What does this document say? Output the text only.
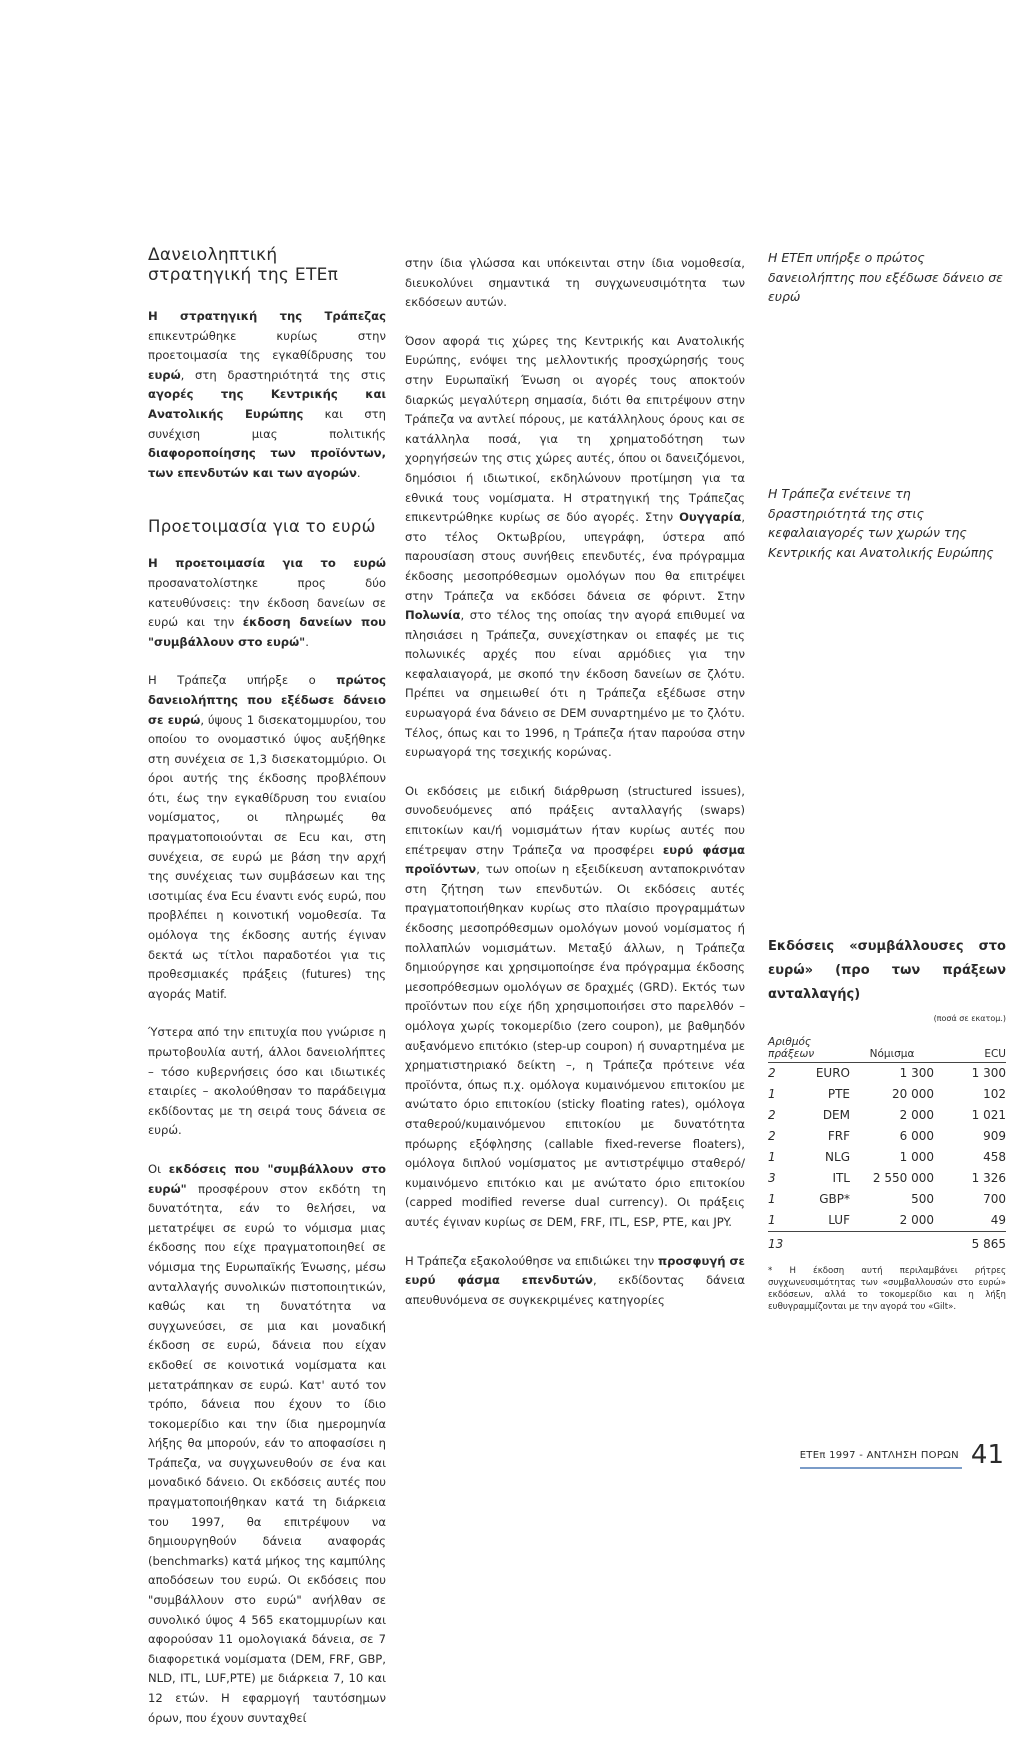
Δανειοληπτική στρατηγική της ΕΤΕπ

Η στρατηγική της Τράπεζας επικεντρώθηκε κυρίως στην προετοιμασία της εγκαθίδρυσης του ευρώ, στη δραστηριότητά της στις αγορές της Κεντρικής και Ανατολικής Ευρώπης και στη συνέχιση μιας πολιτικής διαφοροποίησης των προϊόντων, των επενδυτών και των αγορών.

Προετοιμασία για το ευρώ

Η προετοιμασία για το ευρώ προσανατολίστηκε προς δύο κατευθύνσεις: την έκδοση δανείων σε ευρώ και την έκδοση δανείων που "συμβάλλουν στο ευρώ".

Η Τράπεζα υπήρξε ο πρώτος δανειολήπτης που εξέδωσε δάνειο σε ευρώ, ύψους 1 δισεκατομμυρίου, του οποίου το ονομαστικό ύψος αυξήθηκε στη συνέχεια σε 1,3 δισεκατομμύριο. Οι όροι αυτής της έκδοσης προβλέπουν ότι, έως την εγκαθίδρυση του ενιαίου νομίσματος, οι πληρωμές θα πραγματοποιούνται σε Ecu και, στη συνέχεια, σε ευρώ με βάση την αρχή της συνέχειας των συμβάσεων και της ισοτιμίας ένα Ecu έναντι ενός ευρώ, που προβλέπει η κοινοτική νομοθεσία. Τα ομόλογα της έκδοσης αυτής έγιναν δεκτά ως τίτλοι παραδοτέοι για τις προθεσμιακές πράξεις (futures) της αγοράς Matif.

Ύστερα από την επιτυχία που γνώρισε η πρωτοβουλία αυτή, άλλοι δανειολήπτες – τόσο κυβερνήσεις όσο και ιδιωτικές εταιρίες – ακολούθησαν το παράδειγμα εκδίδοντας με τη σειρά τους δάνεια σε ευρώ.

Οι εκδόσεις που "συμβάλλουν στο ευρώ" προσφέρουν στον εκδότη τη δυνατότητα, εάν το θελήσει, να μετατρέψει σε ευρώ το νόμισμα μιας έκδοσης που είχε πραγματοποιηθεί σε νόμισμα της Ευρωπαϊκής Ένωσης, μέσω ανταλλαγής συνολικών πιστοποιητικών, καθώς και τη δυνατότητα να συγχωνεύσει, σε μια και μοναδική έκδοση σε ευρώ, δάνεια που είχαν εκδοθεί σε κοινοτικά νομίσματα και μετατράπηκαν σε ευρώ. Κατ' αυτό τον τρόπο, δάνεια που έχουν το ίδιο τοκομερίδιο και την ίδια ημερομηνία λήξης θα μπορούν, εάν το αποφασίσει η Τράπεζα, να συγχωνευθούν σε ένα και μοναδικό δάνειο. Οι εκδόσεις αυτές που πραγματοποιήθηκαν κατά τη διάρκεια του 1997, θα επιτρέψουν να δημιουργηθούν δάνεια αναφοράς (benchmarks) κατά μήκος της καμπύλης αποδόσεων του ευρώ. Οι εκδόσεις που "συμβάλλουν στο ευρώ" ανήλθαν σε συνολικό ύψος 4 565 εκατομμυρίων και αφορούσαν 11 ομολογιακά δάνεια, σε 7 διαφορετικά νομίσματα (DEM, FRF, GBP, NLD, ITL, LUF,PTE) με διάρκεια 7, 10 και 12 ετών. Η εφαρμογή ταυτόσημων όρων, που έχουν συνταχθεί

στην ίδια γλώσσα και υπόκεινται στην ίδια νομοθεσία, διευκολύνει σημαντικά τη συγχωνευσιμότητα των εκδόσεων αυτών.

Όσον αφορά τις χώρες της Κεντρικής και Ανατολικής Ευρώπης, ενόψει της μελλοντικής προσχώρησής τους στην Ευρωπαϊκή Ένωση οι αγορές τους αποκτούν διαρκώς μεγαλύτερη σημασία, διότι θα επιτρέψουν στην Τράπεζα να αντλεί πόρους, με κατάλληλους όρους και σε κατάλληλα ποσά, για τη χρηματοδότηση των χορηγήσεών της στις χώρες αυτές, όπου οι δανειζόμενοι, δημόσιοι ή ιδιωτικοί, εκδηλώνουν προτίμηση για τα εθνικά τους νομίσματα. Η στρατηγική της Τράπεζας επικεντρώθηκε κυρίως σε δύο αγορές. Στην Ουγγαρία, στο τέλος Οκτωβρίου, υπεγράφη, ύστερα από παρουσίαση στους συνήθεις επενδυτές, ένα πρόγραμμα έκδοσης μεσοπρόθεσμων ομολόγων που θα επιτρέψει στην Τράπεζα να εκδόσει δάνεια σε φόριντ. Στην Πολωνία, στο τέλος της οποίας την αγορά επιθυμεί να πλησιάσει η Τράπεζα, συνεχίστηκαν οι επαφές με τις πολωνικές αρχές που είναι αρμόδιες για την κεφαλαιαγορά, με σκοπό την έκδοση δανείων σε ζλότυ. Πρέπει να σημειωθεί ότι η Τράπεζα εξέδωσε στην ευρωαγορά ένα δάνειο σε DEM συναρτημένο με το ζλότυ. Τέλος, όπως και το 1996, η Τράπεζα ήταν παρούσα στην ευρωαγορά της τσεχικής κορώνας.

Οι εκδόσεις με ειδική διάρθρωση (structured issues), συνοδευόμενες από πράξεις ανταλλαγής (swaps) επιτοκίων και/ή νομισμάτων ήταν κυρίως αυτές που επέτρεψαν στην Τράπεζα να προσφέρει ευρύ φάσμα προϊόντων, των οποίων η εξειδίκευση ανταποκρινόταν στη ζήτηση των επενδυτών. Οι εκδόσεις αυτές πραγματοποιήθηκαν κυρίως στο πλαίσιο προγραμμάτων έκδοσης μεσοπρόθεσμων ομολόγων μονού νομίσματος ή πολλαπλών νομισμάτων. Μεταξύ άλλων, η Τράπεζα δημιούργησε και χρησιμοποίησε ένα πρόγραμμα έκδοσης μεσοπρόθεσμων ομολόγων σε δραχμές (GRD). Εκτός των προϊόντων που είχε ήδη χρησιμοποιήσει στο παρελθόν – ομόλογα χωρίς τοκομερίδιο (zero coupon), με βαθμηδόν αυξανόμενο επιτόκιο (step-up coupon) ή συναρτημένα με χρηματιστηριακό δείκτη –, η Τράπεζα πρότεινε νέα προϊόντα, όπως π.χ. ομόλογα κυμαινόμενου επιτοκίου με ανώτατο όριο επιτοκίου (sticky floating rates), ομόλογα σταθερού/κυμαινόμενου επιτοκίου με δυνατότητα πρόωρης εξόφλησης (callable fixed-reverse floaters), ομόλογα διπλού νομίσματος με αντιστρέψιμο σταθερό/κυμαινόμενο επιτόκιο και με ανώτατο όριο επιτοκίου (capped modified reverse dual currency). Οι πράξεις αυτές έγιναν κυρίως σε DEM, FRF, ITL, ESP, PTE, και JPY.

Η Τράπεζα εξακολούθησε να επιδιώκει την προσφυγή σε ευρύ φάσμα επενδυτών, εκδίδοντας δάνεια απευθυνόμενα σε συγκεκριμένες κατηγορίες

Η ΕΤΕπ υπήρξε ο πρώτος δανειολήπτης που εξέδωσε δάνειο σε ευρώ

Η Τράπεζα ενέτεινε τη δραστηριότητά της στις κεφαλαιαγορές των χωρών της Κεντρικής και Ανατολικής Ευρώπης

Εκδόσεις «συμβάλλουσες στο ευρώ» (προ των πράξεων ανταλλαγής)

(ποσά σε εκατομ.)

Αριθμός πράξεων		Νόμισμα	ECU
2	EURO	1 300	1 300
1	PTE	20 000	102
2	DEM	2 000	1 021
2	FRF	6 000	909
1	NLG	1 000	458
3	ITL	2 550 000	1 326
1	GBP*	500	700
1	LUF	2 000	49
13			5 865

* Η έκδοση αυτή περιλαμβάνει ρήτρες συγχωνευσιμότητας των «συμβαλλουσών στο ευρώ» εκδόσεων, αλλά το τοκομερίδιο και η λήξη ευθυγραμμίζονται με την αγορά του «Gilt».

ΕΤΕπ 1997 - ΑΝΤΛΗΣΗ ΠΟΡΩΝ 41
